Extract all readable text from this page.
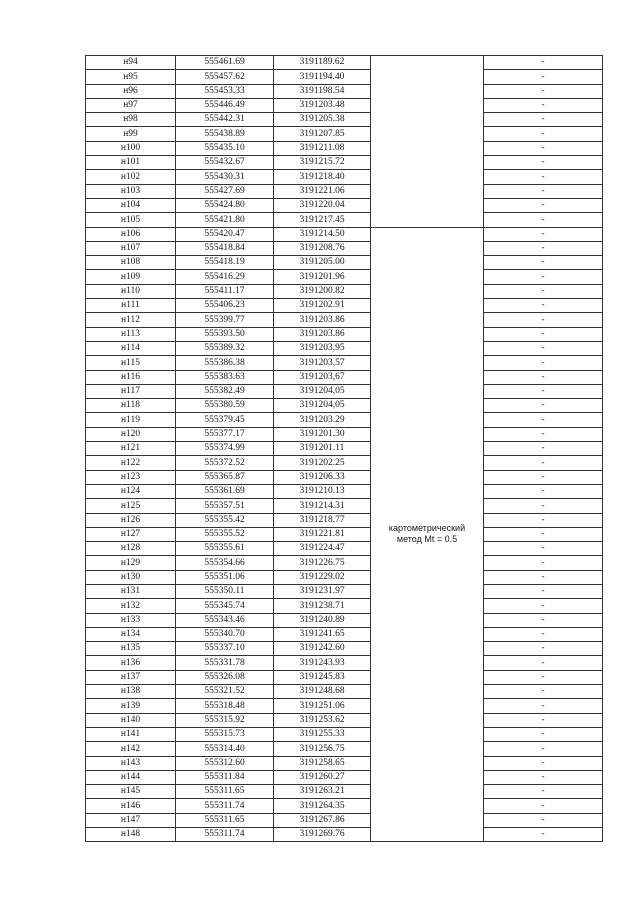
н94	555461.69	3191189.62		-
н95	555457.62	3191194.40		-
н96	555453.33	3191198.54		-
н97	555446.49	3191203.48		-
н98	555442.31	3191205.38		-
н99	555438.89	3191207.85		-
н100	555435.10	3191211.08		-
н101	555432.67	3191215.72		-
н102	555430.31	3191218.40		-
н103	555427.69	3191221.06		-
н104	555424.80	3191220.04		-
н105	555421.80	3191217.45		-
н106	555420.47	3191214.50	картометрический
метод Mt = 0.5	-
н107	555418.84	3191208.76		-
н108	555418.19	3191205.00		-
н109	555416.29	3191201.96		-
н110	555411.17	3191200.82		-
н111	555406.23	3191202.91		-
н112	555399.77	3191203.86		-
н113	555393.50	3191203.86		-
н114	555389.32	3191203,95		-
н115	555386.38	3191203,57		-
н116	555383.63	3191203,67		-
н117	555382.49	3191204,05		-
н118	555380.59	3191204,05		-
н119	555379.45	3191203.29		-
н120	555377.17	3191201.30		-
н121	555374.99	3191201.11		-
н122	555372.52	3191202.25		-
н123	555365.87	3191206.33		-
н124	555361.69	3191210.13		-
н125	555357.51	3191214.31		-
н126	555355.42	3191218.77		-
н127	555355.52	3191221.81		-
н128	555355.61	3191224.47		-
н129	555354.66	3191226.75		-
н130	555351.06	3191229.02		-
н131	555350.11	3191231.97		-
н132	555345.74	3191238.71		-
н133	555343.46	3191240.89		-
н134	555340.70	3191241.65		-
н135	555337.10	3191242.60		-
н136	555331.78	3191243.93		-
н137	555326.08	3191245.83		-
н138	555321.52	3191248.68		-
н139	555318.48	3191251.06		-
н140	555315.92	3191253.62		-
н141	555315.73	3191255.33		-
н142	555314.40	3191256.75		-
н143	555312.60	3191258.65		-
н144	555311.84	3191260.27		-
н145	555311.65	3191263.21		-
н146	555311.74	3191264.35		-
н147	555311.65	3191267.86		-
н148	555311.74	3191269.76		-
